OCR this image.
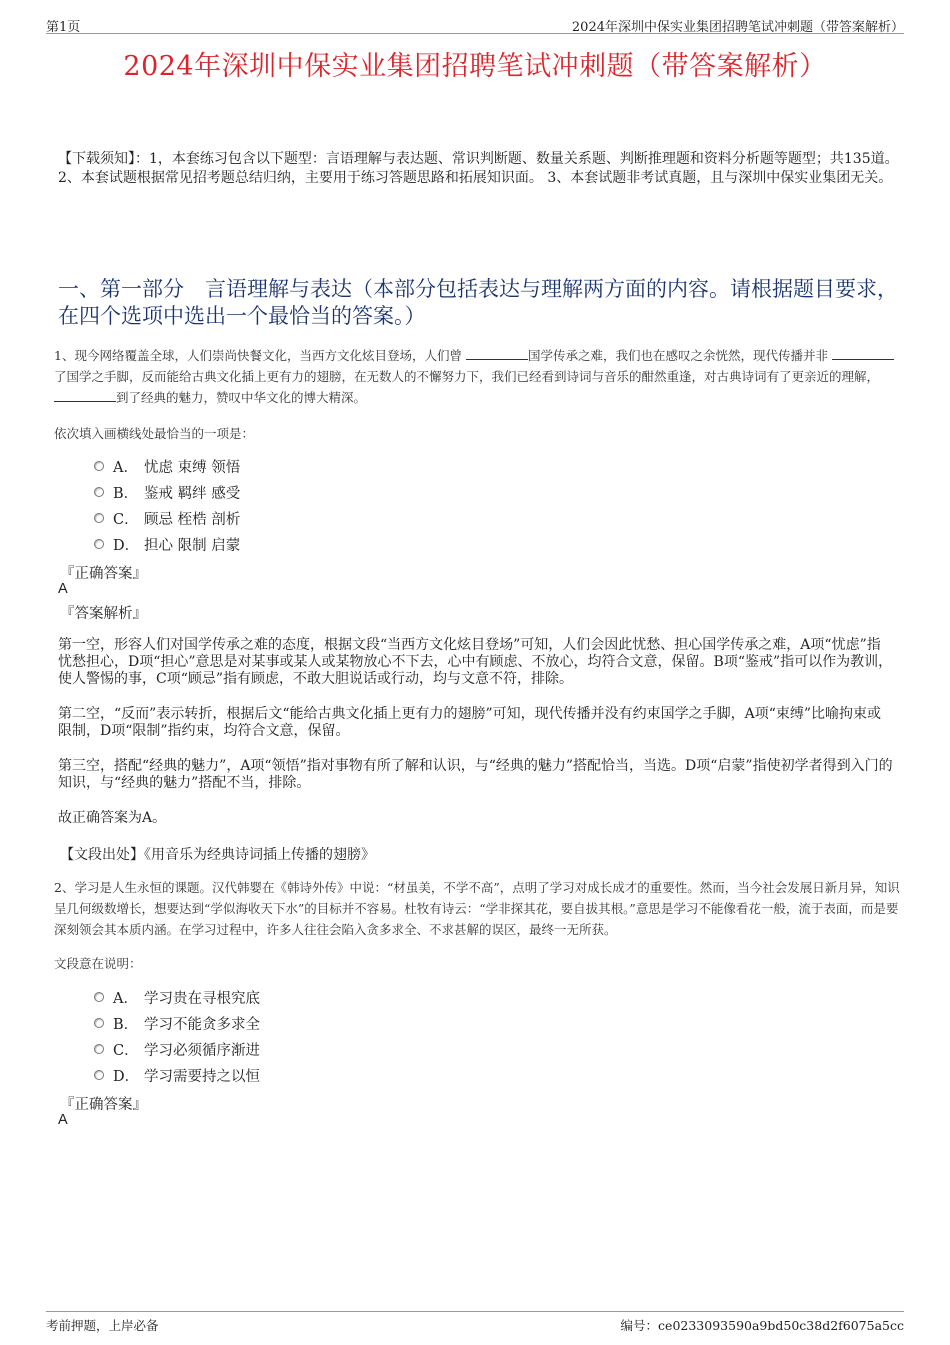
第1页	2024年深圳中保实业集团招聘笔试冲刺题（带答案解析）
2024年深圳中保实业集团招聘笔试冲刺题（带答案解析）
【下载须知】：1，本套练习包含以下题型：言语理解与表达题、常识判断题、数量关系题、判断推理题和资料分析题等题型；共135道。 2、本套试题根据常见招考题总结归纳，主要用于练习答题思路和拓展知识面。 3、本套试题非考试真题，且与深圳中保实业集团无关。
一、第一部分　言语理解与表达（本部分包括表达与理解两方面的内容。请根据题目要求，在四个选项中选出一个最恰当的答案。）
1、现今网络覆盖全球，人们崇尚快餐文化，当西方文化炫目登场，人们曾	国学传承之难，我们也在感叹之余恍然，现代传播并非 了国学之手脚，反而能给古典文化插上更有力的翅膀，在无数人的不懈努力下，我们已经看到诗词与音乐的酣然重逢，对古典诗词有了更亲近的理解， 到了经典的魅力，赞叹中华文化的博大精深。
依次填入画横线处最恰当的一项是：
A． 忧虑 束缚 领悟
B． 鉴戒 羁绊 感受
C． 顾忌 桎梏 剖析
D． 担心 限制 启蒙
『正确答案』
A
『答案解析』
第一空，形容人们对国学传承之难的态度，根据文段“当西方文化炫目登场”可知，人们会因此忧愁、担心国学传承之难，A项“忧虑”指忧愁担心，D项“担心”意思是对某事或某人或某物放心不下去，心中有顾虑、不放心，均符合文意，保留。B项“鉴戒”指可以作为教训，使人警惕的事，C项“顾忌”指有顾虑，不敢大胆说话或行动，均与文意不符，排除。
第二空，“反而”表示转折，根据后文“能给古典文化插上更有力的翅膀”可知，现代传播并没有约束国学之手脚，A项“束缚”比喻拘束或限制，D项“限制”指约束，均符合文意，保留。
第三空，搭配“经典的魅力”，A项“领悟”指对事物有所了解和认识，与“经典的魅力”搭配恰当，当选。D项“启蒙”指使初学者得到入门的知识，与“经典的魅力”搭配不当，排除。
故正确答案为A。
【文段出处】《用音乐为经典诗词插上传播的翅膀》
2、学习是人生永恒的课题。汉代韩婴在《韩诗外传》中说：“材虽美，不学不高”，点明了学习对成长成才的重要性。然而，当今社会发展日新月异，知识呈几何级数增长，想要达到“学似海收天下水”的目标并不容易。杜牧有诗云：“学非探其花，要自拔其根。”意思是学习不能像看花一般，流于表面，而是要深刻领会其本质内涵。在学习过程中，许多人往往会陷入贪多求全、不求甚解的误区，最终一无所获。
文段意在说明：
A． 学习贵在寻根究底
B． 学习不能贪多求全
C． 学习必须循序渐进
D． 学习需要持之以恒
『正确答案』
A
考前押题，上岸必备	编号：ce0233093590a9bd50c38d2f6075a5cc
